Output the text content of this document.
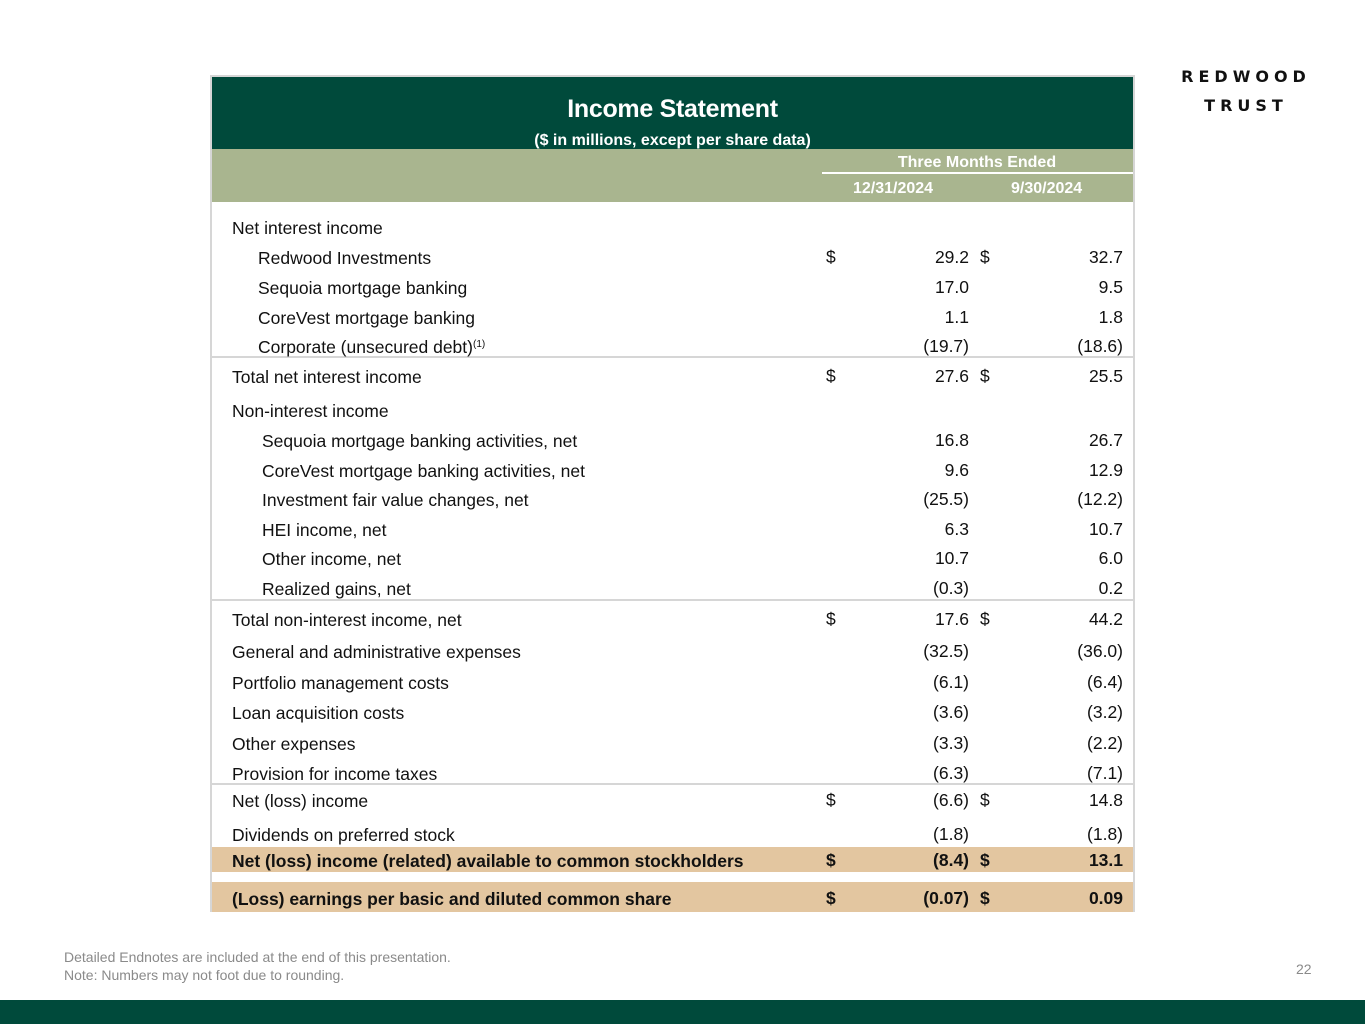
REDWOOD
TRUST
Income Statement
($ in millions, except per share data)
Three Months Ended
12/31/2024	9/30/2024
Net interest income
Redwood Investments	$	29.2 $	32.7
Sequoia mortgage banking	17.0	9.5
CoreVest mortgage banking	1.1	1.8
Corporate (unsecured debt)$^{(1)}$	(19.7)	(18.6)
Total net interest income	$	27.6 $	25.5
Non-interest income
Sequoia mortgage banking activities, net	16.8	26.7
CoreVest mortgage banking activities, net	9.6	12.9
Investment fair value changes, net	(25.5)	(12.2)
HEI income, net	6.3	10.7
Other income, net	10.7	6.0
Realized gains, net	(0.3)	0.2
Total non-interest income, net	$	17.6 $	44.2
General and administrative expenses	(32.5)	(36.0)
Portfolio management costs	(6.1)	(6.4)
Loan acquisition costs	(3.6)	(3.2)
Other expenses	(3.3)	(2.2)
Provision for income taxes	(6.3)	(7.1)
Net (loss) income	$	(6.6) $	14.8
Dividends on preferred stock	(1.8)	(1.8)
Net (loss) income (related) available to common stockholders	$	(8.4) $	13.1
(Loss) earnings per basic and diluted common share	$	(0.07) $	0.09
Detailed Endnotes are included at the end of this presentation.
Note: Numbers may not foot due to rounding.	22
